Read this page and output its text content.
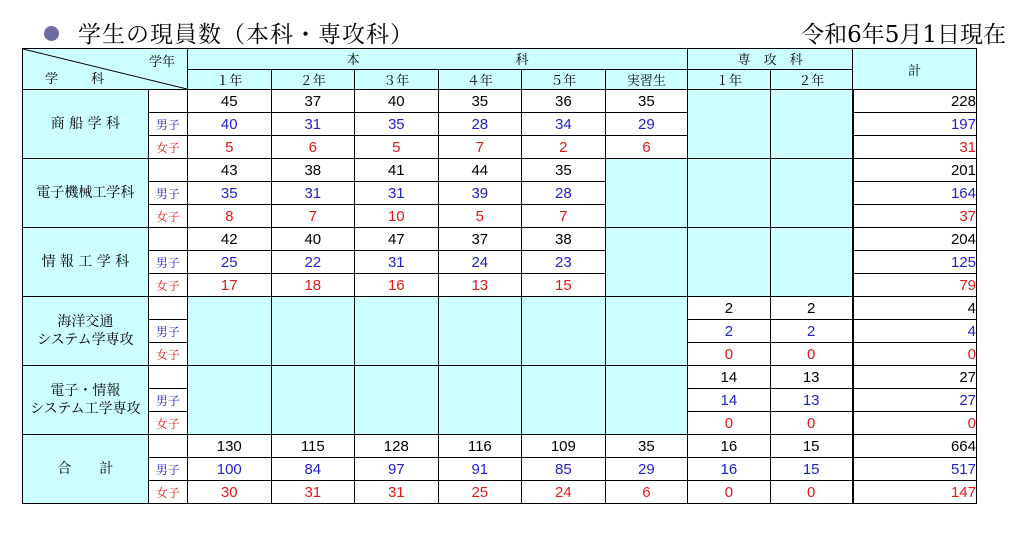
学生の現員数（本科・専攻科）	令和6年5月1日現在
学年
学　科		本　　　　　　　　　　　　科						専　攻　科		計
		１年	２年	３年	４年	５年	実習生	１年	２年	

商 船 学 科		45	37	40	35	36	35			228
	男子	40	31	35	28	34	29			197
	女子	5	6	5	7	2	6			31

電子機械工学科		43	38	41	44	35				201
	男子	35	31	31	39	28				164
	女子	8	7	10	5	7				37

情 報 工 学 科		42	40	47	37	38				204
	男子	25	22	31	24	23				125
	女子	17	18	16	13	15				79

海洋交通
システム学専攻								2	2	4
	男子							2	2	4
	女子							0	0	0

電子・情報
システム工学専攻								14	13	27
	男子							14	13	27
	女子							0	0	0

合　　計		130	115	128	116	109	35	16	15	664
	男子	100	84	97	91	85	29	16	15	517
	女子	30	31	31	25	24	6	0	0	147
